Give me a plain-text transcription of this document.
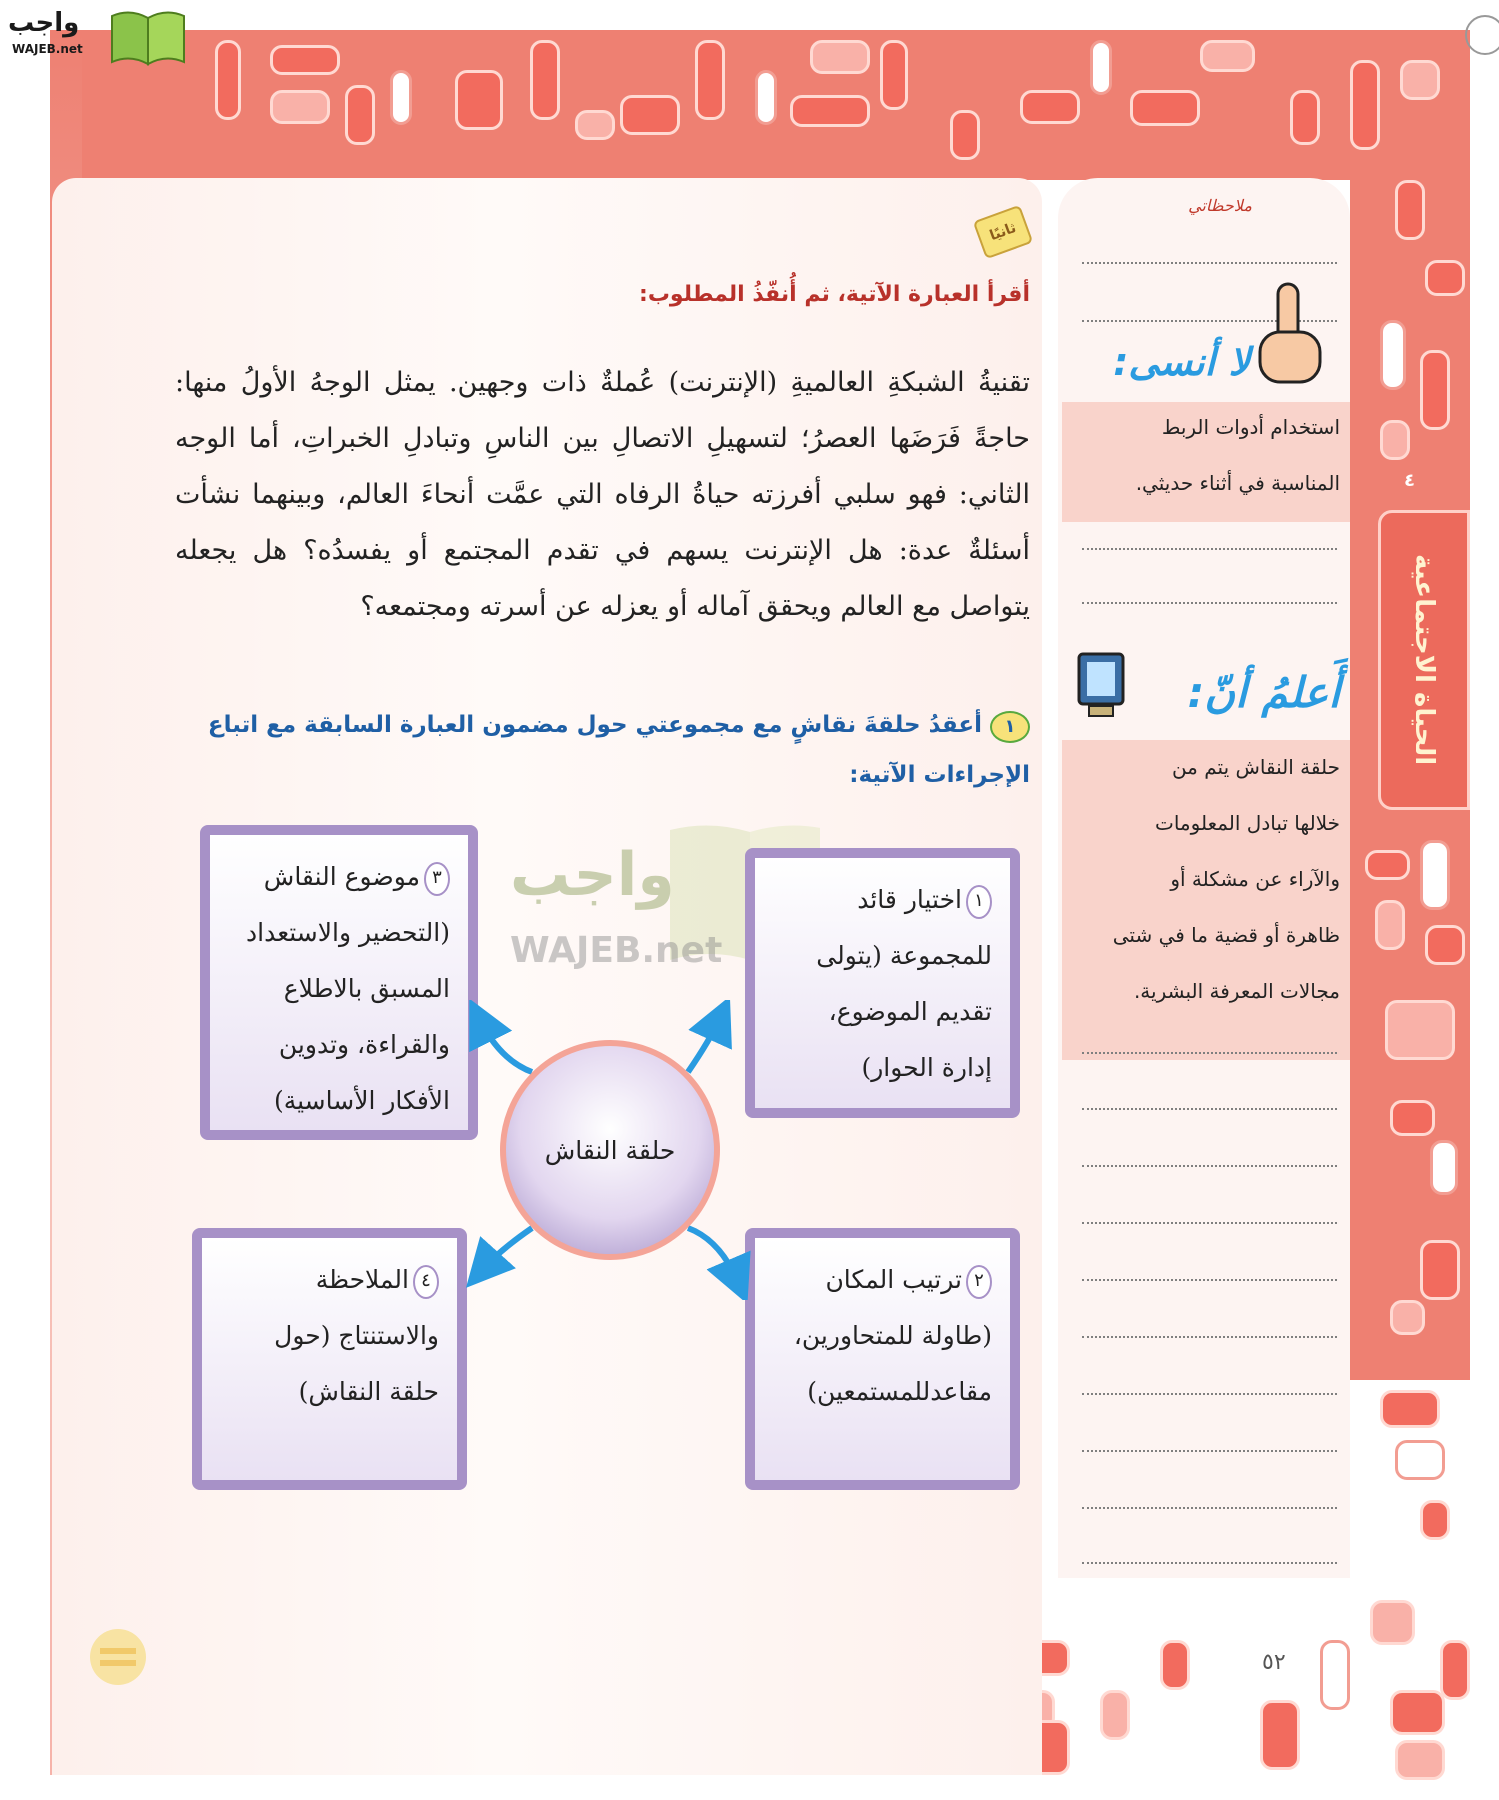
الحياة الاجتماعية
٤
واجب
WAJEB.net
ثانيًا
أقرأ العبارة الآتية، ثم أُنفّذُ المطلوب:
تقنيةُ الشبكةِ العالميةِ (الإنترنت) عُملةٌ ذات وجهين. يمثل الوجهُ الأولُ منها: حاجةً فَرَضَها العصرُ؛ لتسهيلِ الاتصالِ بين الناسِ وتبادلِ الخبراتِ، أما الوجه الثاني: فهو سلبي أفرزته حياةُ الرفاه التي عمَّت أنحاءَ العالم، وبينهما نشأت أسئلةٌ عدة: هل الإنترنت يسهم في تقدم المجتمع أو يفسدُه؟ هل يجعله يتواصل مع العالم ويحقق آماله أو يعزله عن أسرته ومجتمعه؟
١أعقدُ حلقةَ نقاشٍ مع مجموعتي حول مضمون العبارة السابقة مع اتباع الإجراءات الآتية:
واجب
WAJEB.net
١اختيار قائد للمجموعة (يتولى تقديم الموضوع، إدارة الحوار)
٣موضوع النقاش (التحضير والاستعداد المسبق بالاطلاع والقراءة، وتدوين الأفكار الأساسية)
٢ترتيب المكان (طاولة للمتحاورين، مقاعدللمستمعين)
٤الملاحظة والاستنتاج (حول حلقة النقاش)
حلقة النقاش
ملاحظاتي
لا أنسى:
استخدام أدوات الربط
المناسبة في أثناء حديثي.
أَعلمُ أنّ:
حلقة النقاش يتم من
خلالها تبادل المعلومات
والآراء عن مشكلة أو
ظاهرة أو قضية ما في شتى
مجالات المعرفة البشرية.
٥٢
